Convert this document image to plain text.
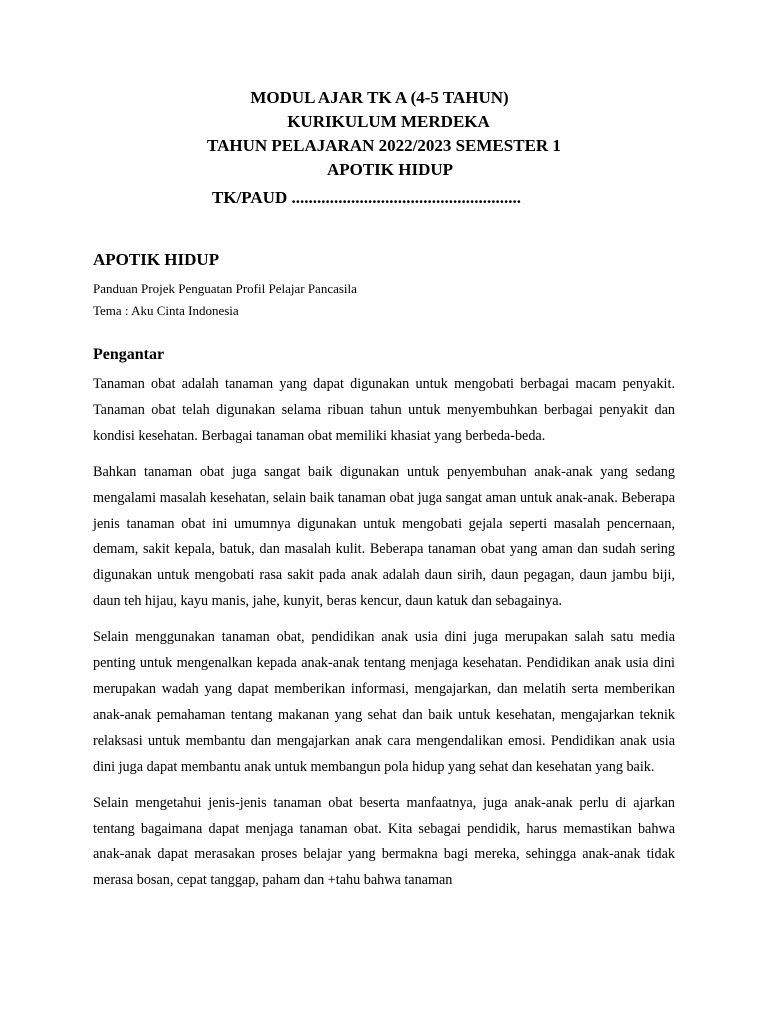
MODUL AJAR TK A (4-5 TAHUN)
KURIKULUM MERDEKA
TAHUN PELAJARAN 2022/2023 SEMESTER 1
APOTIK HIDUP
TK/PAUD ......................................................
APOTIK HIDUP
Panduan Projek Penguatan Profil Pelajar Pancasila
Tema : Aku Cinta Indonesia
Pengantar

Tanaman obat adalah tanaman yang dapat digunakan untuk mengobati berbagai macam penyakit. Tanaman obat telah digunakan selama ribuan tahun untuk menyembuhkan berbagai penyakit dan kondisi kesehatan. Berbagai tanaman obat memiliki khasiat yang berbeda-beda.

Bahkan tanaman obat juga sangat baik digunakan untuk penyembuhan anak-anak yang sedang mengalami masalah kesehatan, selain baik tanaman obat juga sangat aman untuk anak-anak. Beberapa jenis tanaman obat ini umumnya digunakan untuk mengobati gejala seperti masalah pencernaan, demam, sakit kepala, batuk, dan masalah kulit. Beberapa tanaman obat yang aman dan sudah sering digunakan untuk mengobati rasa sakit pada anak adalah daun sirih, daun pegagan, daun jambu biji, daun teh hijau, kayu manis, jahe, kunyit, beras kencur, daun katuk dan sebagainya.

Selain menggunakan tanaman obat, pendidikan anak usia dini juga merupakan salah satu media penting untuk mengenalkan kepada anak-anak tentang menjaga kesehatan. Pendidikan anak usia dini merupakan wadah yang dapat memberikan informasi, mengajarkan, dan melatih serta memberikan anak-anak pemahaman tentang makanan yang sehat dan baik untuk kesehatan, mengajarkan teknik relaksasi untuk membantu dan mengajarkan anak cara mengendalikan emosi. Pendidikan anak usia dini juga dapat membantu anak untuk membangun pola hidup yang sehat dan kesehatan yang baik.

Selain mengetahui jenis-jenis tanaman obat beserta manfaatnya, juga anak-anak perlu di ajarkan tentang bagaimana dapat menjaga tanaman obat. Kita sebagai pendidik, harus memastikan bahwa anak-anak dapat merasakan proses belajar yang bermakna bagi mereka, sehingga anak-anak tidak merasa bosan, cepat tanggap, paham dan +tahu bahwa tanaman
